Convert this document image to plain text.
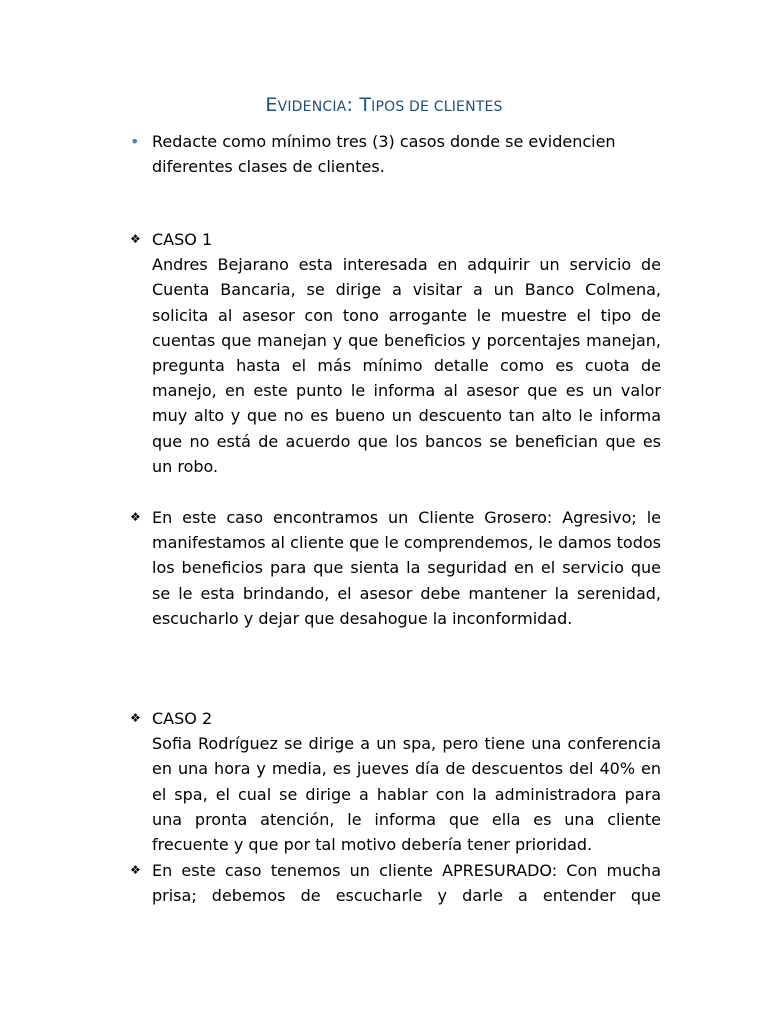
EVIDENCIA: TIPOS DE CLIENTES
• Redacte como mínimo tres (3) casos donde se evidencien diferentes clases de clientes.
❖ CASO 1
Andres Bejarano esta interesada en adquirir un servicio de Cuenta Bancaria, se dirige a visitar a un Banco Colmena, solicita al asesor con tono arrogante le muestre el tipo de cuentas que manejan y que beneficios y porcentajes manejan, pregunta hasta el más mínimo detalle como es cuota de manejo, en este punto le informa al asesor que es un valor muy alto y que no es bueno un descuento tan alto le informa que no está de acuerdo que los bancos se benefician que es un robo.
❖ En este caso encontramos un Cliente Grosero: Agresivo; le manifestamos al cliente que le comprendemos, le damos todos los beneficios para que sienta la seguridad en el servicio que se le esta brindando, el asesor debe mantener la serenidad, escucharlo y dejar que desahogue la inconformidad.
❖ CASO 2
Sofia Rodríguez se dirige a un spa, pero tiene una conferencia en una hora y media, es jueves día de descuentos del 40% en el spa, el cual se dirige a hablar con la administradora para una pronta atención, le informa que ella es una cliente frecuente y que por tal motivo debería tener prioridad.
❖ En este caso tenemos un cliente APRESURADO: Con mucha prisa; debemos de escucharle y darle a entender que
